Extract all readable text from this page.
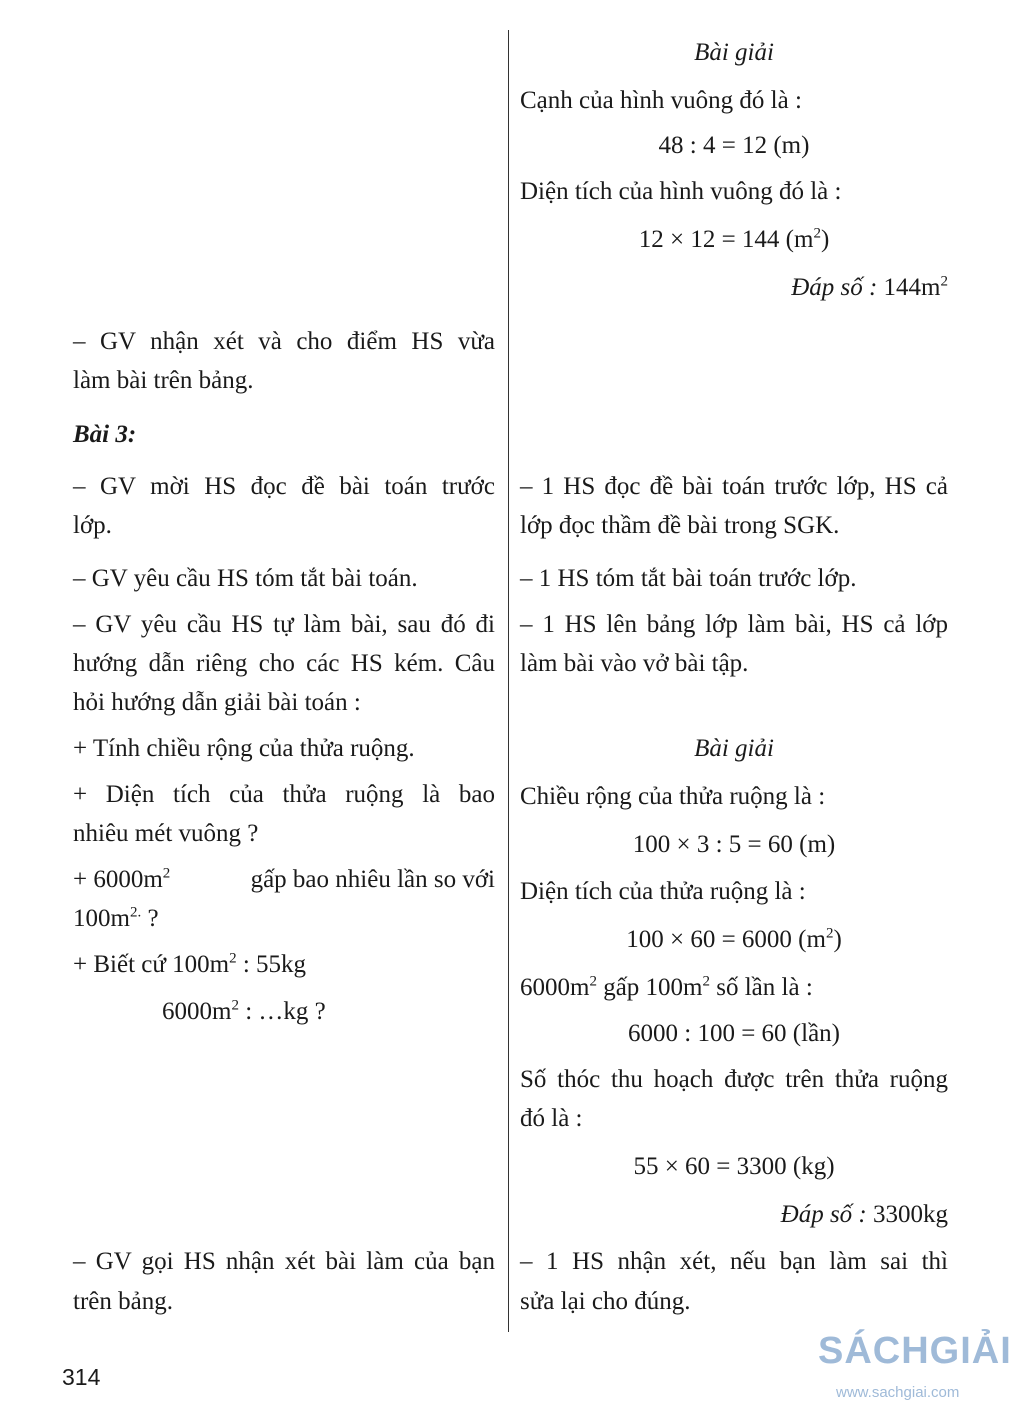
Bài giải
Cạnh của hình vuông đó là :
48 : 4 = 12 (m)
Diện tích của hình vuông đó là :
12 × 12 = 144 $(m^2)$
Đáp số : $144m^2$
– GV nhận xét và cho điểm HS vừa
làm bài trên bảng.
Bài 3:
– GV mời HS đọc đề bài toán trước
lớp.
– 1 HS đọc đề bài toán trước lớp, HS cả
lớp đọc thầm đề bài trong SGK.
– GV yêu cầu HS tóm tắt bài toán.	– 1 HS tóm tắt bài toán trước lớp.
– GV yêu cầu HS tự làm bài, sau đó đi
hướng dẫn riêng cho các HS kém. Câu
hỏi hướng dẫn giải bài toán :
– 1 HS lên bảng lớp làm bài, HS cả lớp
làm bài vào vở bài tập.
+ Tính chiều rộng của thửa ruộng.
+ Diện tích của thửa ruộng là bao
nhiêu mét vuông ?
+ $6000m^2$	gấp bao nhiêu lần so với
$100m^{2.}$ ?
+ Biết cứ $100m^2$ : 55kg
$6000m^2$ : …kg ?
Bài giải
Chiều rộng của thửa ruộng là :
100 × 3 : 5 = 60 (m)
Diện tích của thửa ruộng là :
100 × 60 = 6000 $(m^2)$
$6000m^2$ gấp $100m^2$ số lần là :
6000 : 100 = 60 (lần)
Số thóc thu hoạch được trên thửa ruộng
đó là :
55 × 60 = 3300 (kg)
Đáp số : 3300kg
– GV gọi HS nhận xét bài làm của bạn
trên bảng.
– 1 HS nhận xét, nếu bạn làm sai thì
sửa lại cho đúng.
314
SÁCHGIẢI
www.sachgiai.com
